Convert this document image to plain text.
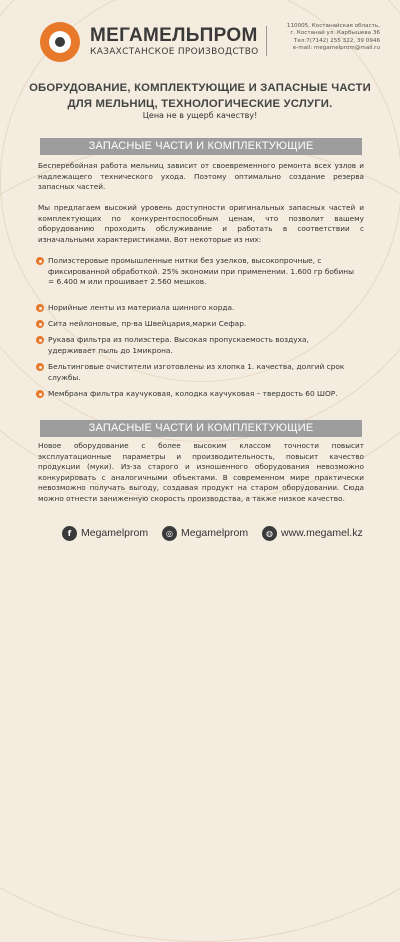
МЕГАМЕЛЬПРОМ
КАЗАХСТАНСКОЕ ПРОИЗВОДСТВО
110005, Костанайская область,
г. Костанай ул. Карбышева 36
Тел:7(7142) 255 322, 39 0946
e-mail: megamelprom@mail.ru
ОБОРУДОВАНИЕ, КОМПЛЕКТУЮЩИЕ И ЗАПАСНЫЕ ЧАСТИ ДЛЯ МЕЛЬНИЦ, ТЕХНОЛОГИЧЕСКИЕ УСЛУГИ.
Цена не в ущерб качеству!
ЗАПАСНЫЕ ЧАСТИ И КОМПЛЕКТУЮЩИЕ
Бесперебойная работа мельниц зависит от своевременного ремонта всех узлов и надлежащего технического ухода. Поэтому оптимально создание резерва запасных частей.
Мы предлагаем высокий уровень доступности оригинальных запасных частей и комплектующих по конкурентоспособным ценам, что позволит вашему оборудованию проходить обслуживание и работать в соответствии с изначальными характеристиками. Вот некоторые из них:
Полиэстеровые промышленные нитки без узелков, высокопрочные, с фиксированной обработкой. 25% экономии при применении. 1.600 гр бобины = 6.400 м или прошивает 2.560 мешков.
Норийные ленты из материала шинного корда.
Сита нейлоновые, пр-ва Швейцария,марки Сефар.
Рукава фильтра из полиэстера. Высокая пропускаемость воздуха, удерживает пыль до 1микрона.
Бельтинговые очистители изготовлены из хлопка 1. качества, долгий срок службы.
Мембрана фильтра каучуковая, колодка каучуковая – твердость 60 ШОР.
ЗАПАСНЫЕ ЧАСТИ И КОМПЛЕКТУЮЩИЕ
Новое оборудование с более высоким классом точности повысит эксплуатационные параметры и производительность, повысит качество продукции (муки). Из-за старого и изношенного оборудования невозможно конкурировать с аналогичными объектами. В современном мире практически невозможно получать выгоду, создавая продукт на старом оборудовании. Сюда можно отнести заниженную скорость производства, а также низкое качество.
f Megamelprom	◎ Megamelprom	◍ www.megamel.kz
